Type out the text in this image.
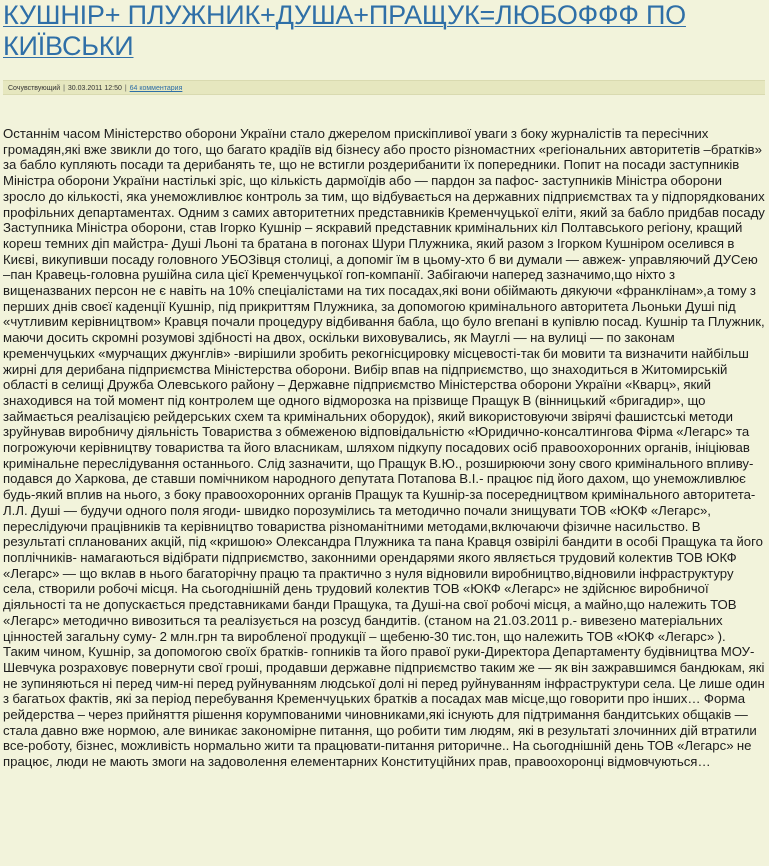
КУШНІР+ ПЛУЖНИК+ДУША+ПРАЩУК=ЛЮБОФФФ ПО КИЇВСЬКИ
Сочувствующий | 30.03.2011 12:50 | 64 комментария

Останнім часом Міністерство оборони України стало джерелом прискіпливої уваги з боку журналістів та пересічних громадян,які вже звикли до того, що багато крадіїв від бізнесу або просто різномастних «регіональних авторитетів –братків» за бабло купляють посади та дерибанять те, що не встигли роздерибанити їх попередники. Попит на посади заступників Міністра оборони України настількі зріс, що кількість дармоїдів або — пардон за пафос- заступників Міністра оборони зросло до кількості, яка унеможливлює контроль за тим, що відбувається на державних підприємствах та у підпорядкованих профільних департаментах. Одним з самих авторитетних представників Кременчуцької еліти, який за бабло придбав посаду Заступника Міністра оборони, став Ігорко Кушнір – яскравий представник кримінальних кіл Полтавського регіону, кращий кореш темних діп майстра- Душі Льоні та братана в погонах Шури Плужника, який разом з Ігорком Кушніром оселився в Києві, викупивши посаду головного УБОЗівця столиці, а допоміг їм в цьому-хто б ви думали — авжеж- управляючий ДУСею –пан Кравець-головна рушійна сила цієї Кременчуцької гоп-компанії. Забігаючи наперед зазначимо,що ніхто з вищеназваних персон не є навіть на 10% спеціалістами на тих посадах,які вони обіймають дякуючи «франклінам»,а тому з перших днів своєї каденції Кушнір, під прикриттям Плужника, за допомогою кримінального авторитета Льоньки Душі під «чутливим керівництвом» Кравця почали процедуру відбивання бабла, що було вгепані в купівлю посад. Кушнір та Плужник, маючи досить скромні розумові здібності на двох, оскільки виховувались, як Мауглі — на вулиці — по законам кременчуцьких «мурчащих джунглів» -вирішили зробить рекогнісцировку місцевості-так би мовити та визначити найбільш жирні для дерибана підприємства Міністерства оборони. Вибір впав на підприємство, що знаходиться в Житомирській області в селищі Дружба Олевського району – Державне підприємство Міністерства оборони України «Кварц», який знаходився на той момент під контролем ще одного відморозка на прізвище Пращук В (вінницький «бригадир», що займається реалізацією рейдерських схем та кримінальних оборудок), який використовуючи звірячі фашистські методи зруйнував виробничу діяльність Товариства з обмеженою відповідальністю «Юридично-консалтингова Фірма «Легарс» та погрожуючи керівництву товариства та його власникам, шляхом підкупу посадових осіб правоохоронних органів, ініціював кримінальне переслідування останнього. Слід зазначити, що Пращук В.Ю., розширюючи зону свого кримінального впливу- подався до Харкова, де ставши помічником народного депутата Потапова В.І.- працює під його дахом, що унеможливлює будь-який вплив на нього, з боку правоохоронних органів Пращук та Кушнір-за посередництвом кримінального авторитета- Л.Л. Душі — будучи одного поля ягоди- швидко порозумілись та методично почали знищувати ТОВ «ЮКФ «Легарс», переслідуючи працівників та керівництво товариства різноманітними методами,включаючи фізичне насильство. В результаті спланованих акцій, під «кришою» Олександра Плужника та пана Кравця озвірілі бандити в особі Пращука та його поплічників- намагаються відібрати підприємство, законними орендарями якого являється трудовий колектив ТОВ ЮКФ «Легарс» — що вклав в нього багаторічну працю та практично з нуля відновили виробництво,відновили інфраструктуру села, створили робочі місця. На сьогоднішній день трудовий колектив ТОВ «ЮКФ «Легарс» не здійснює виробничої діяльності та не допускається представниками банди Пращука, та Душі-на свої робочі місця, а майно,що належить ТОВ «Легарс» методично вивозиться та реалізується на розсуд бандитів. (станом на 21.03.2011 р.- вивезено матеріальних цінностей загальну суму- 2 млн.грн та виробленої продукції – щебеню-30 тис.тон, що належить ТОВ «ЮКФ «Легарс» ). Таким чином, Кушнір, за допомогою своїх братків- гопників та його правої руки-Директора Департаменту будівництва МОУ- Шевчука розраховує повернути свої гроші, продавши державне підприємство таким же — як він зажравшимся бандюкам, які не зупиняються ні перед чим-ні перед руйнуванням людської долі ні перед руйнуванням інфраструктури села. Це лише один з багатьох фактів, які за період перебування Кременчуцьких братків а посадах мав місце,що говорити про інших… Форма рейдерства – через прийняття рішення корумпованими чиновниками,які існують для підтримання бандитських общаків — стала давно вже нормою, але виникає закономірне питання, що робити тим людям, які в результаті злочинних дій втратили все-роботу, бізнес, можливість нормально жити та працювати-питання риторичне.. На сьогоднішній день ТОВ «Легарс» не працює, люди не мають змоги на задоволення елементарних Конституційних прав, правоохоронці відмовчуються…
